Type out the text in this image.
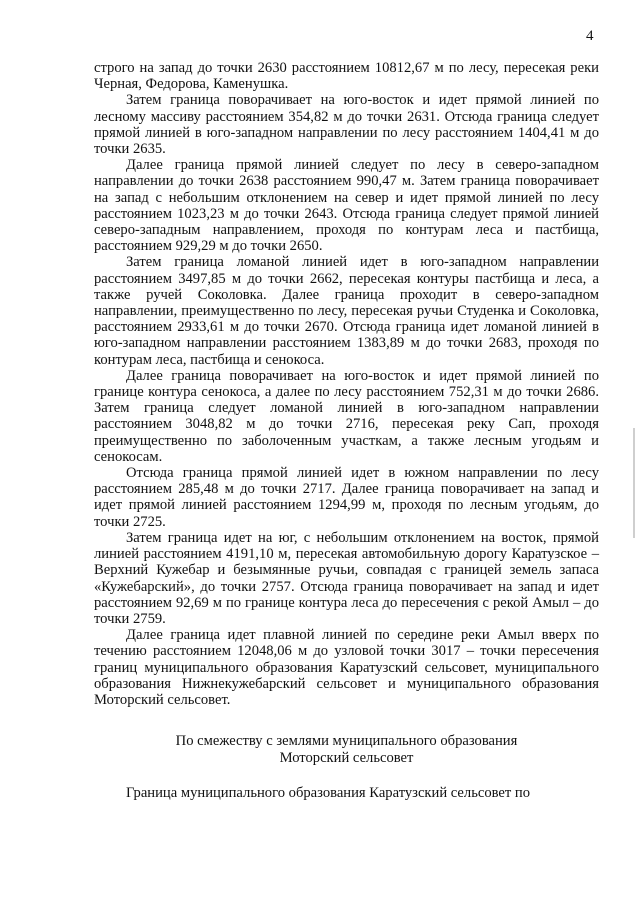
4

строго на запад до точки 2630 расстоянием 10812,67 м по лесу, пересекая реки Черная, Федорова, Каменушка.

Затем граница поворачивает на юго-восток и идет прямой линией по лесному массиву расстоянием 354,82 м до точки 2631. Отсюда граница следует прямой линией в юго-западном направлении по лесу расстоянием 1404,41 м до точки 2635.

Далее граница прямой линией следует по лесу в северо-западном направлении до точки 2638 расстоянием 990,47 м. Затем граница поворачивает на запад с небольшим отклонением на север и идет прямой линией по лесу расстоянием 1023,23 м до точки 2643. Отсюда граница следует прямой линией северо-западным направлением, проходя по контурам леса и пастбища, расстоянием 929,29 м до точки 2650.

Затем граница ломаной линией идет в юго-западном направлении расстоянием 3497,85 м до точки 2662, пересекая контуры пастбища и леса, а также ручей Соколовка. Далее граница проходит в северо-западном направлении, преимущественно по лесу, пересекая ручьи Студенка и Соколовка, расстоянием 2933,61 м до точки 2670. Отсюда граница идет ломаной линией в юго-западном направлении расстоянием 1383,89 м до точки 2683, проходя по контурам леса, пастбища и сенокоса.

Далее граница поворачивает на юго-восток и идет прямой линией по границе контура сенокоса, а далее по лесу расстоянием 752,31 м до точки 2686. Затем граница следует ломаной линией в юго-западном направлении расстоянием 3048,82 м до точки 2716, пересекая реку Сап, проходя преимущественно по заболоченным участкам, а также лесным угодьям и сенокосам.

Отсюда граница прямой линией идет в южном направлении по лесу расстоянием 285,48 м до точки 2717. Далее граница поворачивает на запад и идет прямой линией расстоянием 1294,99 м, проходя по лесным угодьям, до точки 2725.

Затем граница идет на юг, с небольшим отклонением на восток, прямой линией расстоянием 4191,10 м, пересекая автомобильную дорогу Каратузское – Верхний Кужебар и безымянные ручьи, совпадая с границей земель запаса «Кужебарский», до точки 2757. Отсюда граница поворачивает на запад и идет расстоянием 92,69 м по границе контура леса до пересечения с рекой Амыл – до точки 2759.

Далее граница идет плавной линией по середине реки Амыл вверх по течению расстоянием 12048,06 м до узловой точки 3017 – точки пересечения границ муниципального образования Каратузский сельсовет, муниципального образования Нижнекужебарский сельсовет и муниципального образования Моторский сельсовет.

По смежеству с землями муниципального образования
Моторский сельсовет

Граница муниципального образования Каратузский сельсовет по
